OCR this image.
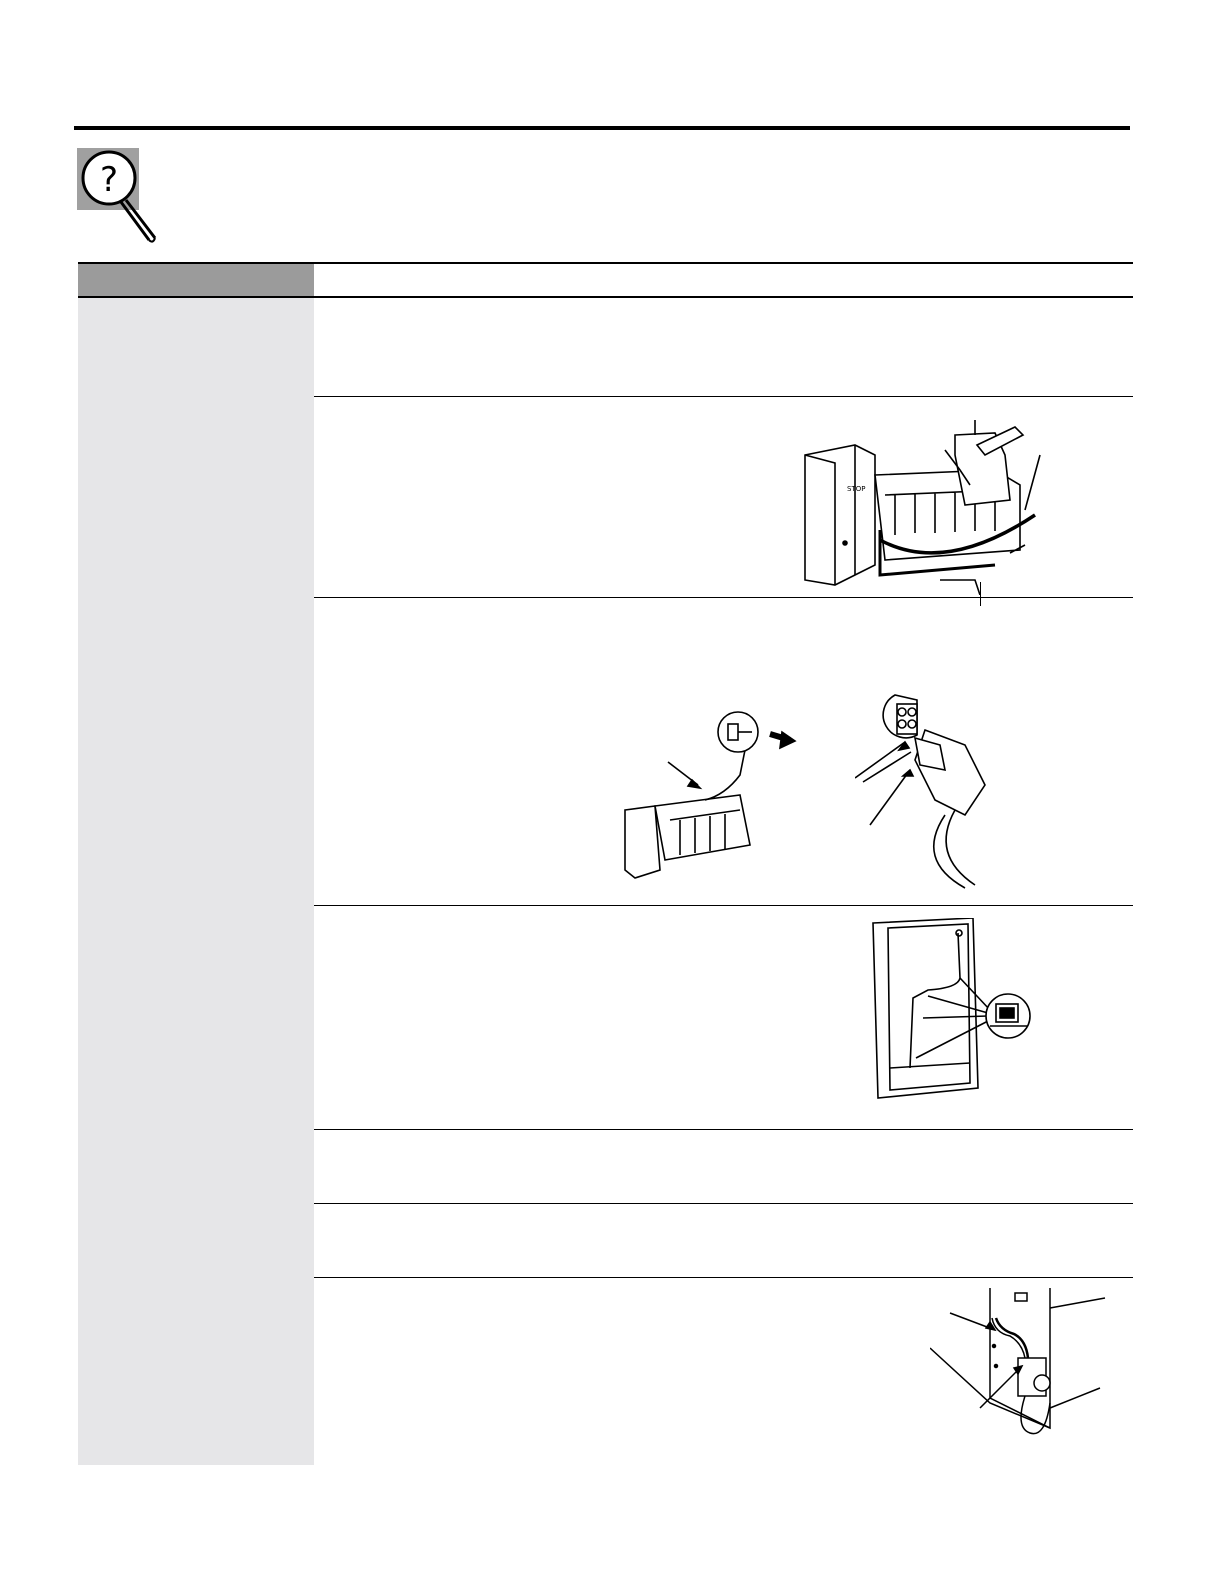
?
STOP
